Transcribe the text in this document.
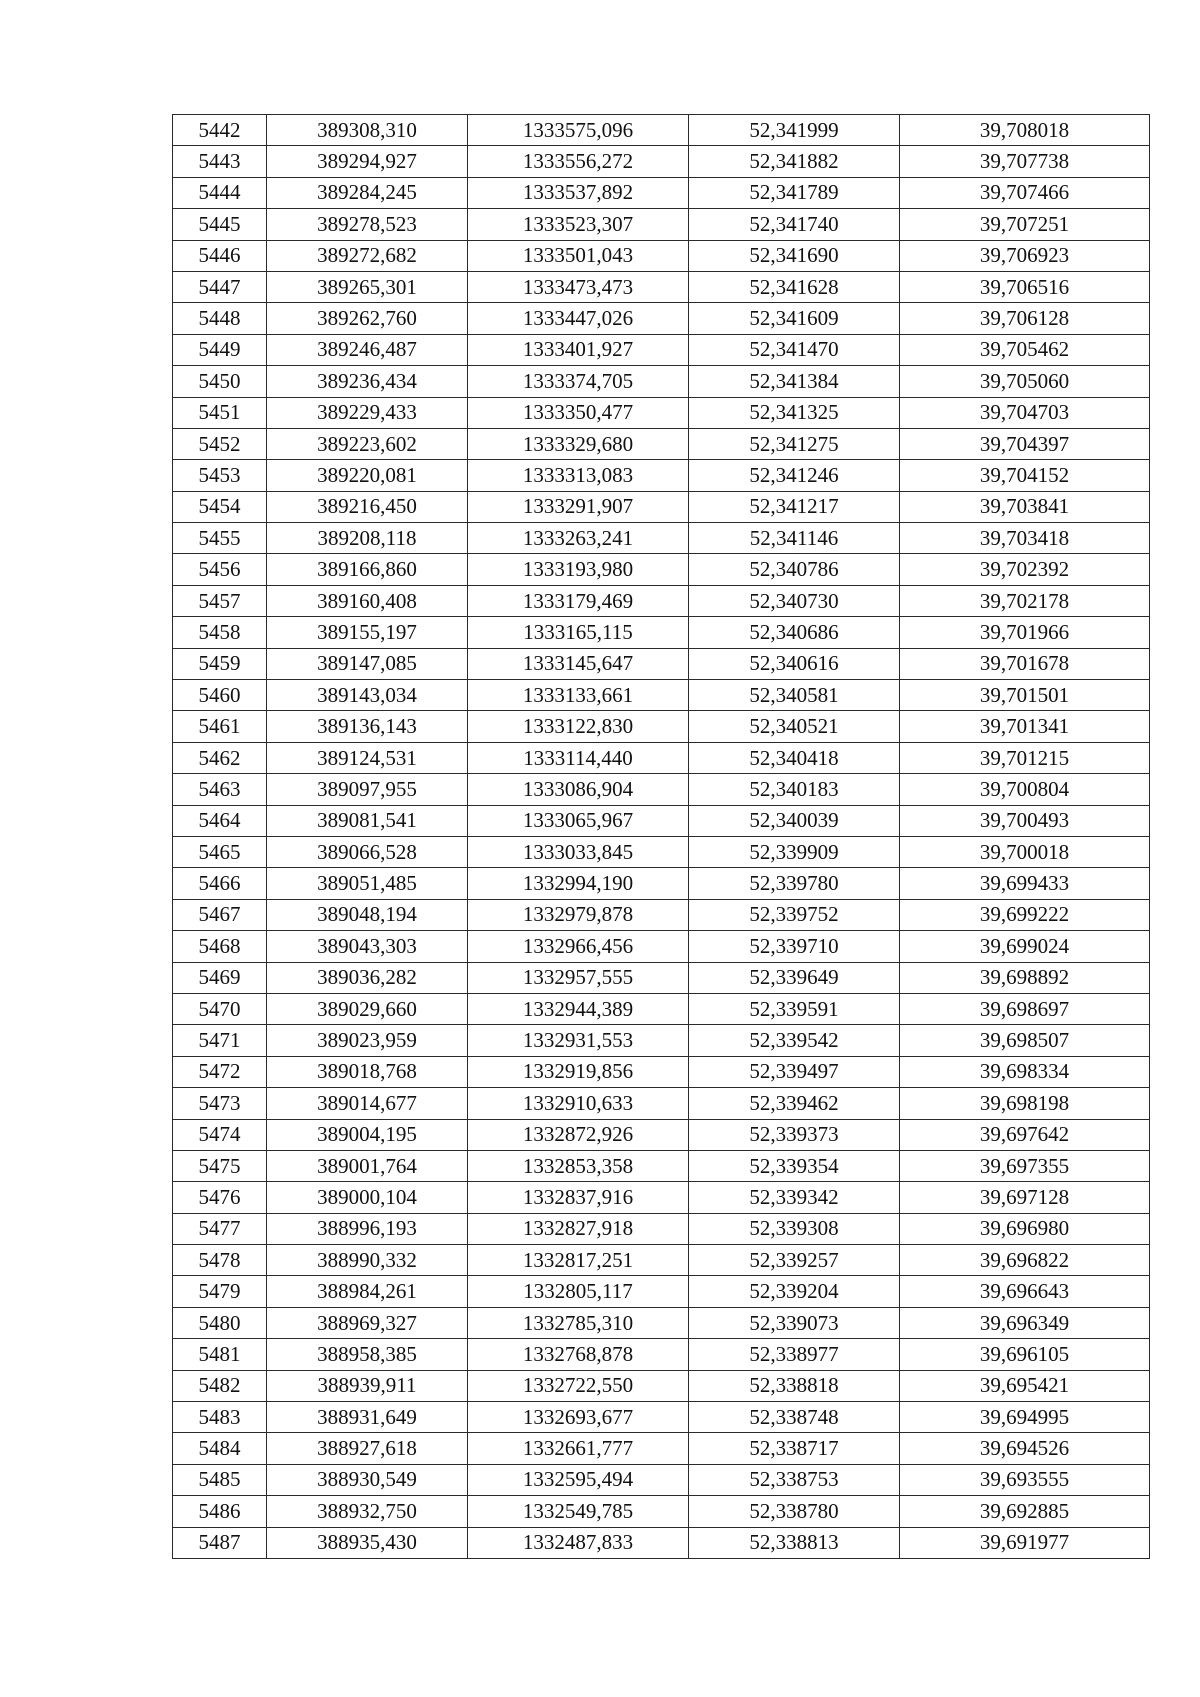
5442	389308,310	1333575,096	52,341999	39,708018
5443	389294,927	1333556,272	52,341882	39,707738
5444	389284,245	1333537,892	52,341789	39,707466
5445	389278,523	1333523,307	52,341740	39,707251
5446	389272,682	1333501,043	52,341690	39,706923
5447	389265,301	1333473,473	52,341628	39,706516
5448	389262,760	1333447,026	52,341609	39,706128
5449	389246,487	1333401,927	52,341470	39,705462
5450	389236,434	1333374,705	52,341384	39,705060
5451	389229,433	1333350,477	52,341325	39,704703
5452	389223,602	1333329,680	52,341275	39,704397
5453	389220,081	1333313,083	52,341246	39,704152
5454	389216,450	1333291,907	52,341217	39,703841
5455	389208,118	1333263,241	52,341146	39,703418
5456	389166,860	1333193,980	52,340786	39,702392
5457	389160,408	1333179,469	52,340730	39,702178
5458	389155,197	1333165,115	52,340686	39,701966
5459	389147,085	1333145,647	52,340616	39,701678
5460	389143,034	1333133,661	52,340581	39,701501
5461	389136,143	1333122,830	52,340521	39,701341
5462	389124,531	1333114,440	52,340418	39,701215
5463	389097,955	1333086,904	52,340183	39,700804
5464	389081,541	1333065,967	52,340039	39,700493
5465	389066,528	1333033,845	52,339909	39,700018
5466	389051,485	1332994,190	52,339780	39,699433
5467	389048,194	1332979,878	52,339752	39,699222
5468	389043,303	1332966,456	52,339710	39,699024
5469	389036,282	1332957,555	52,339649	39,698892
5470	389029,660	1332944,389	52,339591	39,698697
5471	389023,959	1332931,553	52,339542	39,698507
5472	389018,768	1332919,856	52,339497	39,698334
5473	389014,677	1332910,633	52,339462	39,698198
5474	389004,195	1332872,926	52,339373	39,697642
5475	389001,764	1332853,358	52,339354	39,697355
5476	389000,104	1332837,916	52,339342	39,697128
5477	388996,193	1332827,918	52,339308	39,696980
5478	388990,332	1332817,251	52,339257	39,696822
5479	388984,261	1332805,117	52,339204	39,696643
5480	388969,327	1332785,310	52,339073	39,696349
5481	388958,385	1332768,878	52,338977	39,696105
5482	388939,911	1332722,550	52,338818	39,695421
5483	388931,649	1332693,677	52,338748	39,694995
5484	388927,618	1332661,777	52,338717	39,694526
5485	388930,549	1332595,494	52,338753	39,693555
5486	388932,750	1332549,785	52,338780	39,692885
5487	388935,430	1332487,833	52,338813	39,691977
